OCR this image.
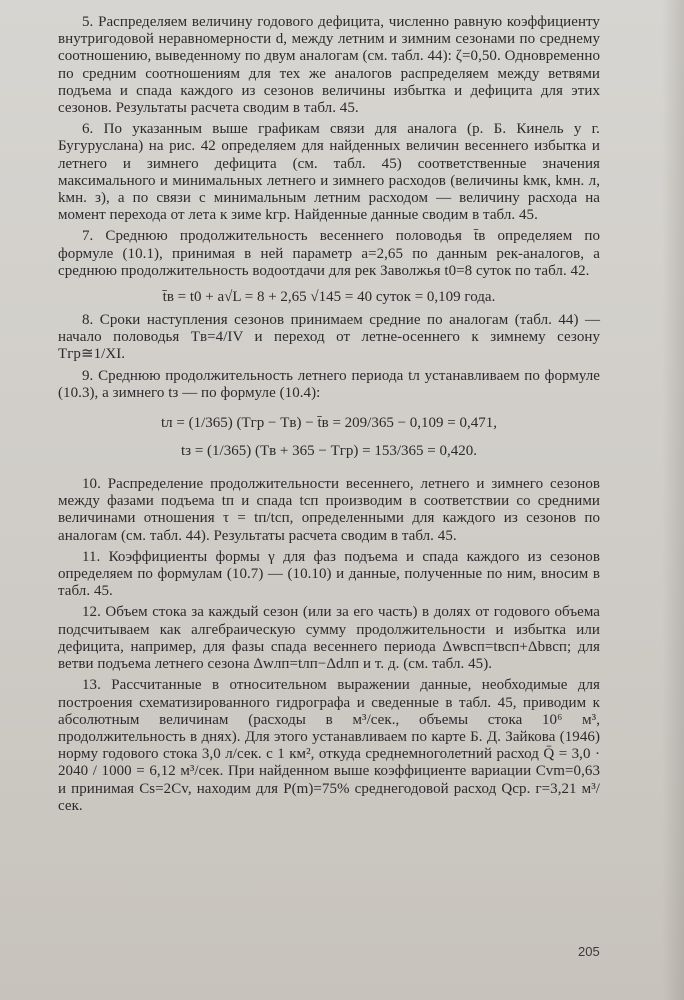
5. Распределяем величину годового дефицита, численно равную коэффициенту внутригодовой неравномерности d, между летним и зимним сезонами по среднему соотношению, выведенному по двум аналогам (см. табл. 44): ζ=0,50. Одновременно по средним соотношениям для тех же аналогов распределяем между ветвями подъема и спада каждого из сезонов величины избытка и дефицита для этих сезонов. Результаты расчета сводим в табл. 45.

6. По указанным выше графикам связи для аналога (р. Б. Кинель у г. Бугуруслана) на рис. 42 определяем для найденных величин весеннего избытка и летнего и зимнего дефицита (см. табл. 45) соответственные значения максимального и минимальных летнего и зимнего расходов (величины kмк, kмн. л, kмн. з), а по связи с минимальным летним расходом — величину расхода на момент перехода от лета к зиме kгр. Найденные данные сводим в табл. 45.

7. Среднюю продолжительность весеннего половодья t̄в определяем по формуле (10.1), принимая в ней параметр a=2,65 по данным рек-аналогов, а среднюю продолжительность водоотдачи для рек Заволжья t0=8 суток по табл. 42.

t̄в = t0 + a√L = 8 + 2,65 √145 = 40 суток = 0,109 года.

8. Сроки наступления сезонов принимаем средние по аналогам (табл. 44) — начало половодья Tв=4/IV и переход от летне-осеннего к зимнему сезону Tгр≅1/XI.

9. Среднюю продолжительность летнего периода tл устанавливаем по формуле (10.3), а зимнего tз — по формуле (10.4):

tл = (1/365) (Tгр − Tв) − t̄в = 209/365 − 0,109 = 0,471,
tз = (1/365) (Tв + 365 − Tгр) = 153/365 = 0,420.

10. Распределение продолжительности весеннего, летнего и зимнего сезонов между фазами подъема tп и спада tсп производим в соответствии со средними величинами отношения τ = tп/tсп, определенными для каждого из сезонов по аналогам (см. табл. 44). Результаты расчета сводим в табл. 45.

11. Коэффициенты формы γ для фаз подъема и спада каждого из сезонов определяем по формулам (10.7) — (10.10) и данные, полученные по ним, вносим в табл. 45.

12. Объем стока за каждый сезон (или за его часть) в долях от годового объема подсчитываем как алгебраическую сумму продолжительности и избытка или дефицита, например, для фазы спада весеннего периода Δwвсп=tвсп+Δbвсп; для ветви подъема летнего сезона Δwлп=tлп−Δdлп и т. д. (см. табл. 45).

13. Рассчитанные в относительном выражении данные, необходимые для построения схематизированного гидрографа и сведенные в табл. 45, приводим к абсолютным величинам (расходы в м³/сек., объемы стока 10⁶ м³, продолжительность в днях). Для этого устанавливаем по карте Б. Д. Зайкова (1946) норму годового стока 3,0 л/сек. с 1 км², откуда среднемноголетний расход Q̄ = 3,0 · 2040 / 1000 = 6,12 м³/сек. При найденном выше коэффициенте вариации Cvm=0,63 и принимая Cs=2Cv, находим для P(m)=75% среднегодовой расход Qср. г=3,21 м³/сек.

205
